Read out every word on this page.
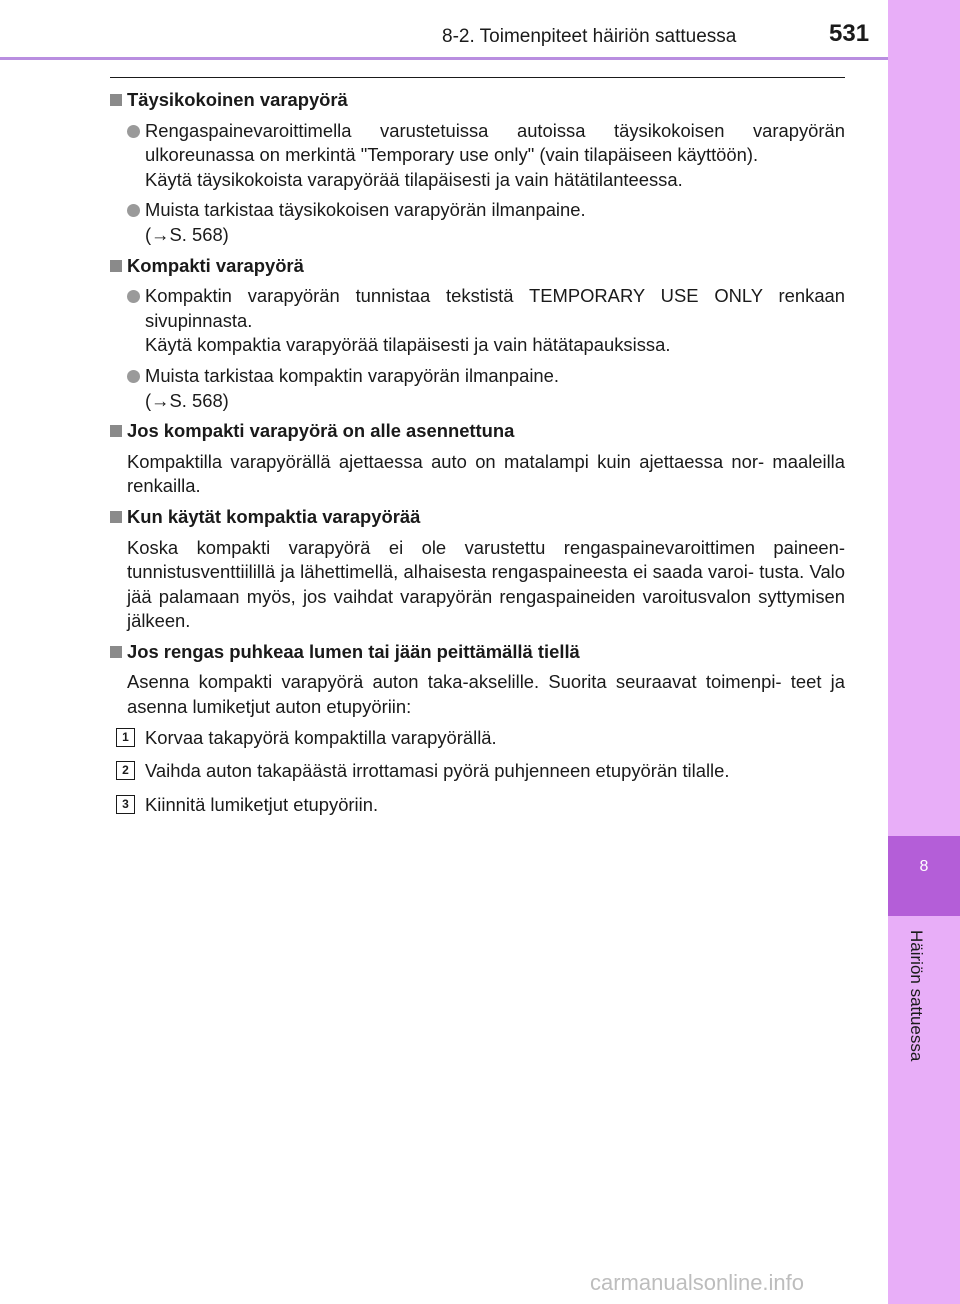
8
Häiriön sattuessa
8-2. Toimenpiteet häiriön sattuessa	531
Täysikokoinen varapyörä
Rengaspainevaroittimella varustetuissa autoissa täysikokoisen varapyörän ulkoreunassa on merkintä "Temporary use only" (vain tilapäiseen käyttöön).
Käytä täysikokoista varapyörää tilapäisesti ja vain hätätilanteessa.
Muista tarkistaa täysikokoisen varapyörän ilmanpaine.
(→S. 568)
Kompakti varapyörä
Kompaktin varapyörän tunnistaa tekstistä TEMPORARY USE ONLY renkaan sivupinnasta.
Käytä kompaktia varapyörää tilapäisesti ja vain hätätapauksissa.
Muista tarkistaa kompaktin varapyörän ilmanpaine.
(→S. 568)
Jos kompakti varapyörä on alle asennettuna
Kompaktilla varapyörällä ajettaessa auto on matalampi kuin ajettaessa nor- maaleilla renkailla.
Kun käytät kompaktia varapyörää
Koska kompakti varapyörä ei ole varustettu rengaspainevaroittimen paineen- tunnistusventtiilillä ja lähettimellä, alhaisesta rengaspaineesta ei saada varoi- tusta. Valo jää palamaan myös, jos vaihdat varapyörän rengaspaineiden varoitusvalon syttymisen jälkeen.
Jos rengas puhkeaa lumen tai jään peittämällä tiellä
Asenna kompakti varapyörä auton taka-akselille. Suorita seuraavat toimenpi- teet ja asenna lumiketjut auton etupyöriin:
1 Korvaa takapyörä kompaktilla varapyörällä.
2 Vaihda auton takapäästä irrottamasi pyörä puhjenneen etupyörän tilalle.
3 Kiinnitä lumiketjut etupyöriin.
carmanualsonline.info
